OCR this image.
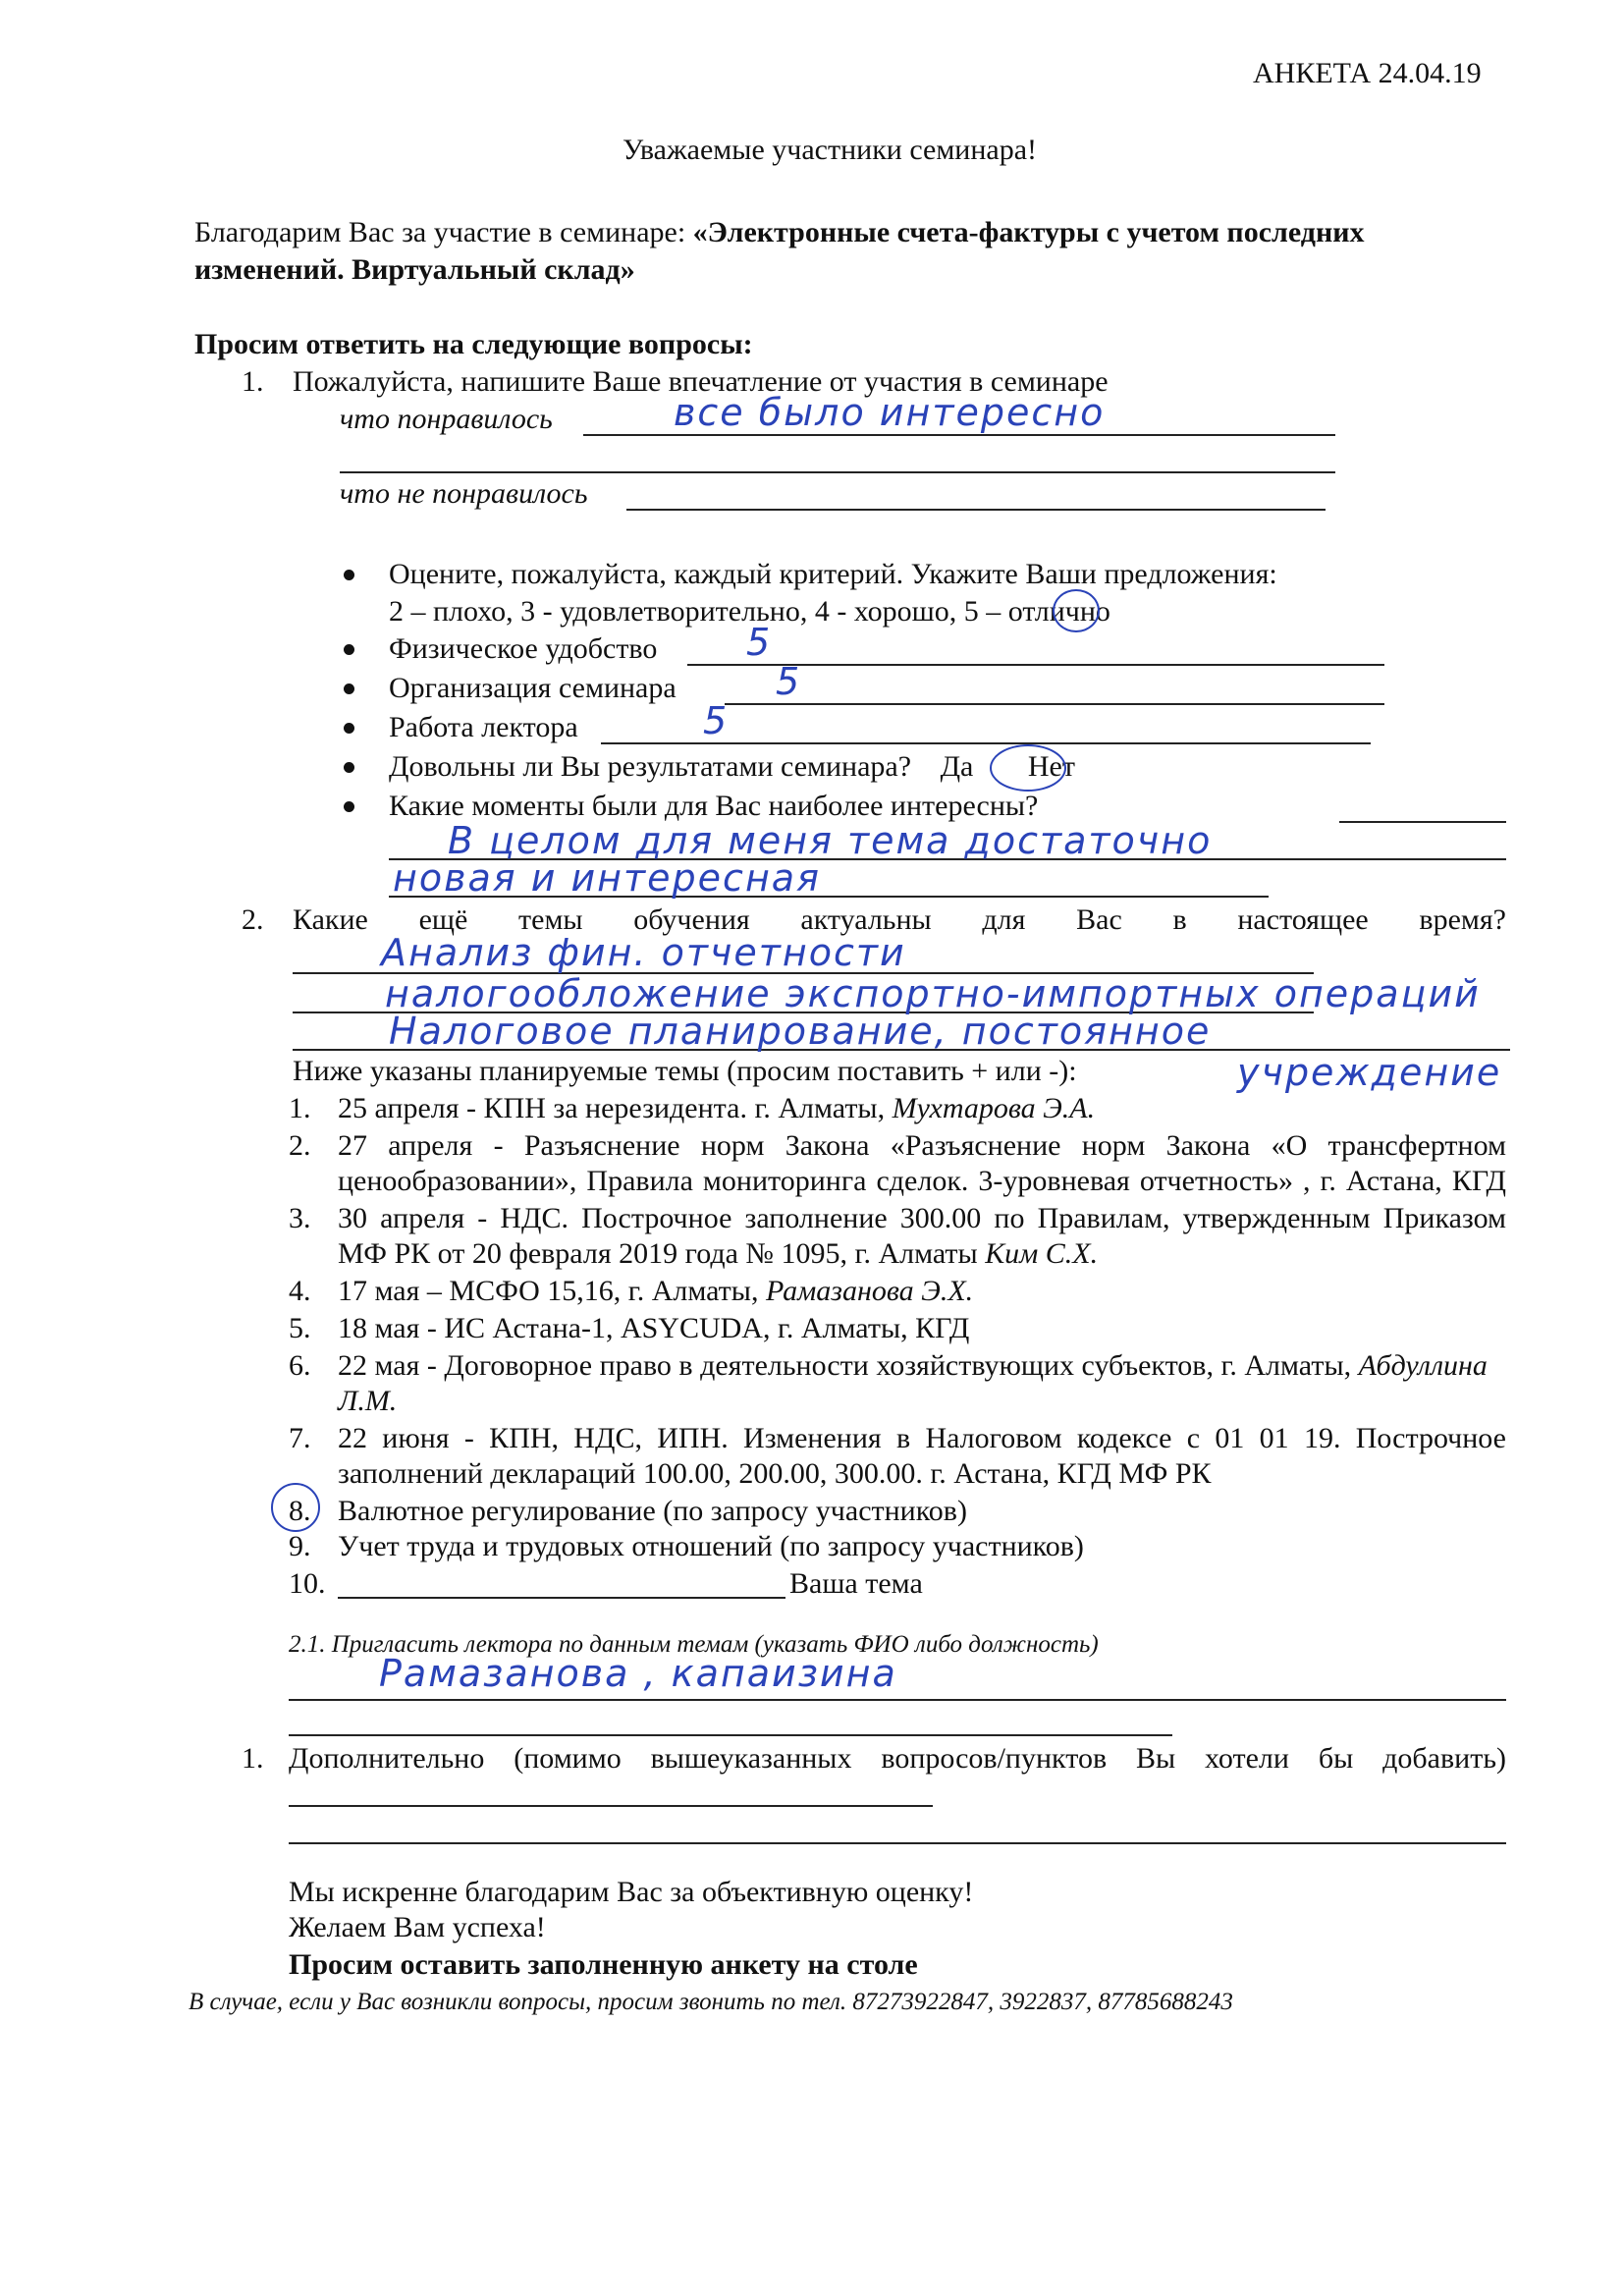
АНКЕТА 24.04.19
Уважаемые участники семинара!
Благодарим Вас за участие в семинаре: «Электронные счета-фактуры с учетом последних
изменений. Виртуальный склад»
Просим ответить на следующие вопросы:
1. Пожалуйста, напишите Ваше впечатление от участия в семинаре
что понравилось	все было интересно
что не понравилось
Оцените, пожалуйста, каждый критерий. Укажите Ваши предложения:
2 – плохо, 3 - удовлетворительно, 4 - хорошо, 5 – отлично
Физическое удобство 5
Организация семинара	5
Работа лектора	5
Довольны ли Вы результатами семинара? Да Нет
Какие моменты были для Вас наиболее интересны?
В целом для меня тема достаточно
новая и интересная
2. Какие ещё темы обучения актуальны для Вас в настоящее время?
Анализ фин. отчетности
налогообложение экспортно-импортных операций
Налоговое планирование, постоянное
учреждение
Ниже указаны планируемые темы (просим поставить + или -):
1. 25 апреля - КПН за нерезидента. г. Алматы, Мухтарова Э.А.
2. 27 апреля - Разъяснение норм Закона «Разъяснение норм Закона «О трансфертном
ценообразовании», Правила мониторинга сделок. 3-уровневая отчетность» , г. Астана, КГД
3. 30 апреля - НДС. Построчное заполнение 300.00 по Правилам, утвержденным Приказом
МФ РК от 20 февраля 2019 года № 1095, г. Алматы Ким С.Х.
4. 17 мая – МСФО 15,16, г. Алматы, Рамазанова Э.Х.
5. 18 мая - ИС Астана-1, ASYCUDA, г. Алматы, КГД
6. 22 мая - Договорное право в деятельности хозяйствующих субъектов, г. Алматы, Абдуллина
Л.М.
7. 22 июня - КПН, НДС, ИПН. Изменения в Налоговом кодексе с 01 01 19. Построчное
заполнений деклараций 100.00, 200.00, 300.00. г. Астана, КГД МФ РК
8. Валютное регулирование (по запросу участников)
9. Учет труда и трудовых отношений (по запросу участников)
10.	Ваша тема
2.1. Пригласить лектора по данным темам (указать ФИО либо должность)
Рамазанова , капаизина
1. Дополнительно (помимо вышеуказанных вопросов/пунктов Вы хотели бы добавить)
Мы искренне благодарим Вас за объективную оценку!
Желаем Вам успеха!
Просим оставить заполненную анкету на столе
В случае, если у Вас возникли вопросы, просим звонить по тел. 87273922847, 3922837, 87785688243
